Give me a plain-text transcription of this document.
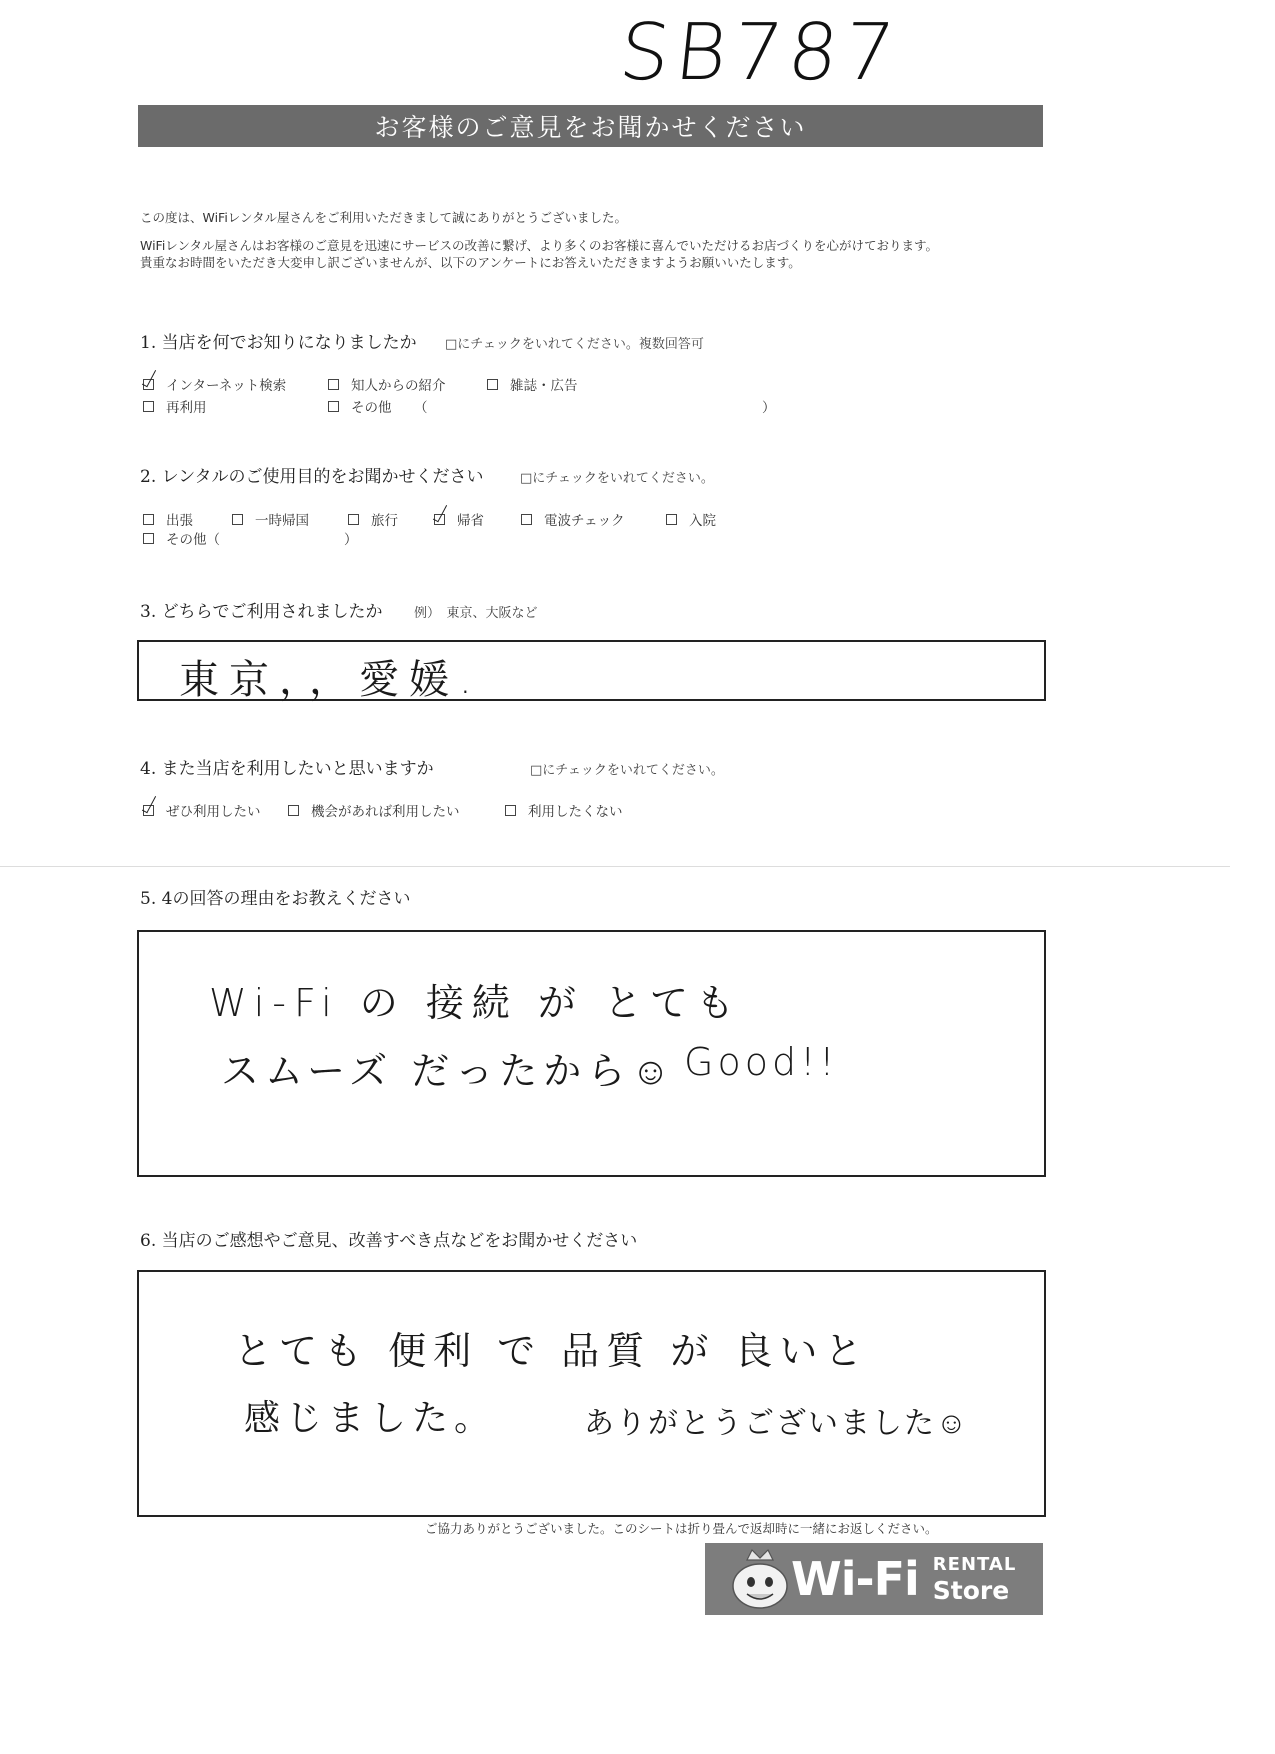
SB787
お客様のご意見をお聞かせください
この度は、WiFiレンタル屋さんをご利用いただきまして誠にありがとうございました。
WiFiレンタル屋さんはお客様のご意見を迅速にサービスの改善に繋げ、より多くのお客様に喜んでいただけるお店づくりを心がけております。
貴重なお時間をいただき大変申し訳ございませんが、以下のアンケートにお答えいただきますようお願いいたします。
1. 当店を何でお知りになりましたか □にチェックをいれてください。複数回答可
インターネット検索	知人からの紹介	雑誌・広告
再利用	その他 （	）
2. レンタルのご使用目的をお聞かせください	□にチェックをいれてください。
出張	一時帰国	旅行	帰省	電波チェック	入院
その他（	）
3. どちらでご利用されましたか 例）　東京、大阪など
東京，，愛媛.
4. また当店を利用したいと思いますか	□にチェックをいれてください。
ぜひ利用したい	機会があれば利用したい	利用したくない
5. 4の回答の理由をお教えください
Wi-Fi の 接続 が とても
スムーズ だったから☺ Good!!
6. 当店のご感想やご意見、改善すべき点などをお聞かせください
とても 便利 で 品質 が 良いと
感じました。	ありがとうございました☺
ご協力ありがとうございました。このシートは折り畳んで返却時に一緒にお返しください。
Wi-Fi RENTAL
Store
